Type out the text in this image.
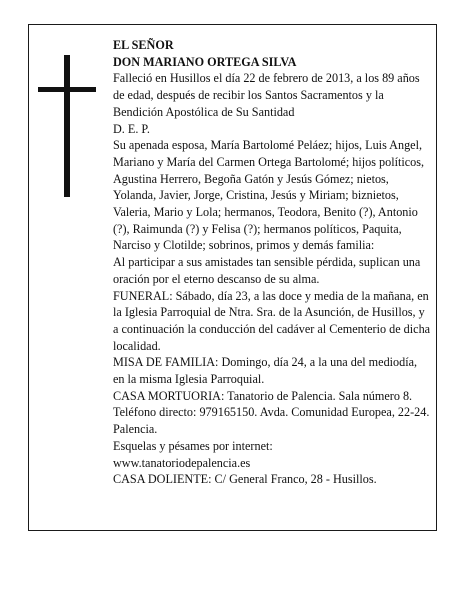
EL SEÑOR

DON MARIANO ORTEGA SILVA

Falleció en Husillos el día 22 de febrero de 2013, a los 89 años de edad, después de recibir los Santos Sacramentos y la Bendición Apostólica de Su Santidad

D. E. P.

Su apenada esposa, María Bartolomé Peláez; hijos, Luis Angel, Mariano y María del Carmen Ortega Bartolomé; hijos políticos, Agustina Herrero, Begoña Gatón y Jesús Gómez; nietos, Yolanda, Javier, Jorge, Cristina, Jesús y Miriam; biznietos, Valeria, Mario y Lola; hermanos, Teodora, Benito (?), Antonio (?), Raimunda (?) y Felisa (?); hermanos políticos, Paquita, Narciso y Clotilde; sobrinos, primos y demás familia:

Al participar a sus amistades tan sensible pérdida, suplican una oración por el eterno descanso de su alma.

FUNERAL: Sábado, día 23, a las doce y media de la mañana, en la Iglesia Parroquial de Ntra. Sra. de la Asunción, de Husillos, y a continuación la conducción del cadáver al Cementerio de dicha localidad.

MISA DE FAMILIA: Domingo, día 24, a la una del mediodía, en la misma Iglesia Parroquial.

CASA MORTUORIA: Tanatorio de Palencia. Sala número 8. Teléfono directo: 979165150. Avda. Comunidad Europea, 22-24. Palencia.

Esquelas y pésames por internet:

www.tanatoriodepalencia.es

CASA DOLIENTE: C/ General Franco, 28 - Husillos.
